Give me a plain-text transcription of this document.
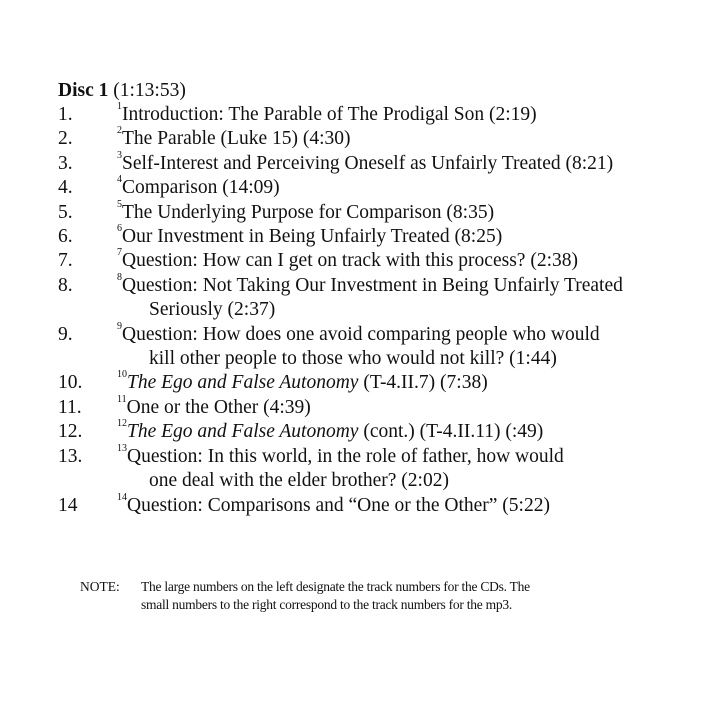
Disc 1 (1:13:53)
1.	$^1$Introduction: The Parable of The Prodigal Son (2:19)
2.	$^2$The Parable (Luke 15) (4:30)
3.	$^3$Self-Interest and Perceiving Oneself as Unfairly Treated (8:21)
4.	$^4$Comparison (14:09)
5.	$^5$The Underlying Purpose for Comparison (8:35)
6.	$^6$Our Investment in Being Unfairly Treated (8:25)
7.	$^7$Question: How can I get on track with this process? (2:38)
8.	$^8$Question: Not Taking Our Investment in Being Unfairly Treated
Seriously (2:37)
9.	$^9$Question: How does one avoid comparing people who would
kill other people to those who would not kill? (1:44)
10.	$^{10}$The Ego and False Autonomy (T-4.II.7) (7:38)
11.	$^{11}$One or the Other (4:39)
12.	$^{12}$The Ego and False Autonomy (cont.) (T-4.II.11) (:49)
13.	$^{13}$Question: In this world, in the role of father, how would
one deal with the elder brother? (2:02)
14	$^{14}$Question: Comparisons and “One or the Other” (5:22)
NOTE: The large numbers on the left designate the track numbers for the CDs. The
small numbers to the right correspond to the track numbers for the mp3.
